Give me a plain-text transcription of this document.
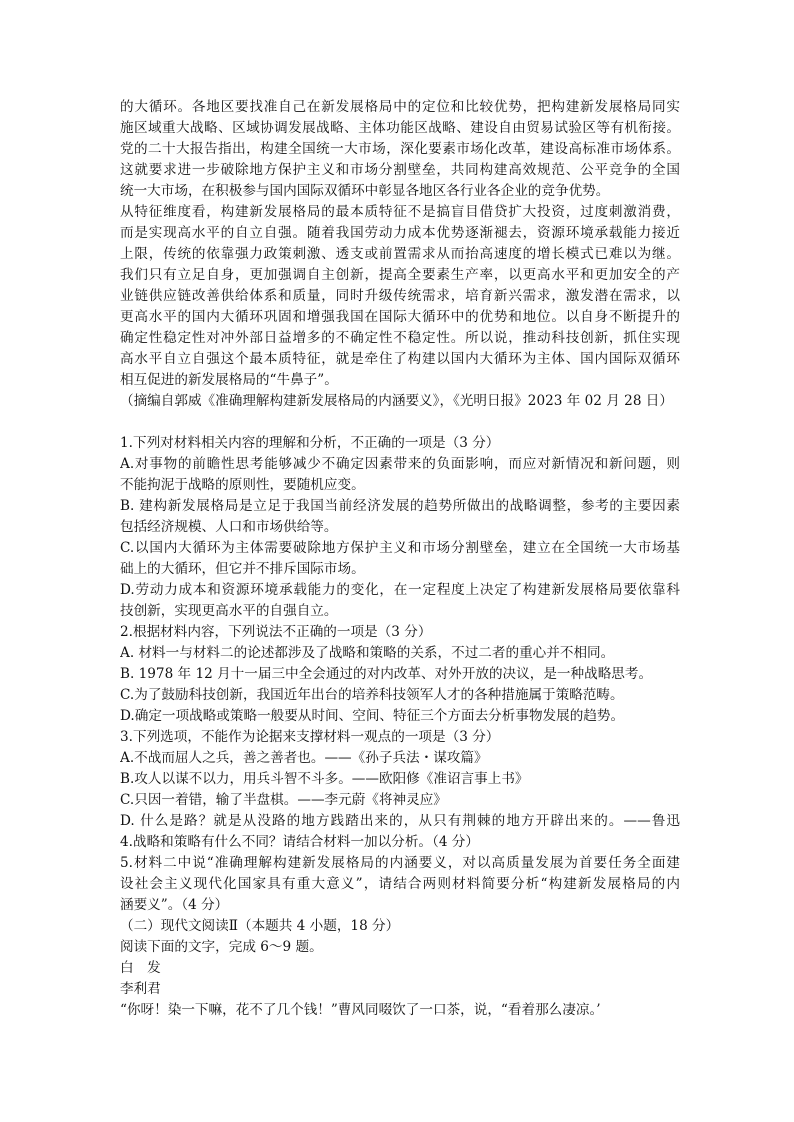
的大循环。各地区要找准自己在新发展格局中的定位和比较优势，把构建新发展格局同实
施区域重大战略、区域协调发展战略、主体功能区战略、建设自由贸易试验区等有机衔接。
党的二十大报告指出，构建全国统一大市场，深化要素市场化改革，建设高标准市场体系。
这就要求进一步破除地方保护主义和市场分割壁垒，共同构建高效规范、公平竞争的全国
统一大市场，在积极参与国内国际双循环中彰显各地区各行业各企业的竞争优势。
从特征维度看，构建新发展格局的最本质特征不是搞盲目借贷扩大投资，过度刺激消费，
而是实现高水平的自立自强。随着我国劳动力成本优势逐渐褪去，资源环境承载能力接近
上限，传统的依靠强力政策刺激、透支或前置需求从而抬高速度的增长模式已难以为继。
我们只有立足自身，更加强调自主创新，提高全要素生产率，以更高水平和更加安全的产
业链供应链改善供给体系和质量，同时升级传统需求，培育新兴需求，激发潜在需求，以
更高水平的国内大循环巩固和增强我国在国际大循环中的优势和地位。以自身不断提升的
确定性稳定性对冲外部日益增多的不确定性不稳定性。所以说，推动科技创新，抓住实现
高水平自立自强这个最本质特征，就是牵住了构建以国内大循环为主体、国内国际双循环
相互促进的新发展格局的“牛鼻子”。
（摘编自郭威《准确理解构建新发展格局的内涵要义》，《光明日报》2023 年 02 月 28 日）
1.下列对材料相关内容的理解和分析，不正确的一项是（3 分）
A.对事物的前瞻性思考能够减少不确定因素带来的负面影响，而应对新情况和新问题，则
不能拘泥于战略的原则性，要随机应变。
B. 建构新发展格局是立足于我国当前经济发展的趋势所做出的战略调整，参考的主要因素
包括经济规模、人口和市场供给等。
C.以国内大循环为主体需要破除地方保护主义和市场分割壁垒，建立在全国统一大市场基
础上的大循环，但它并不排斥国际市场。
D.劳动力成本和资源环境承载能力的变化，在一定程度上决定了构建新发展格局要依靠科
技创新，实现更高水平的自强自立。
2.根据材料内容，下列说法不正确的一项是（3 分）
A. 材料一与材料二的论述都涉及了战略和策略的关系，不过二者的重心并不相同。
B. 1978 年 12 月十一届三中全会通过的对内改革、对外开放的决议，是一种战略思考。
C.为了鼓励科技创新，我国近年出台的培养科技领军人才的各种措施属于策略范畴。
D.确定一项战略或策略一般要从时间、空间、特征三个方面去分析事物发展的趋势。
3.下列选项，不能作为论据来支撑材料一观点的一项是（3 分）
A.不战而屈人之兵，善之善者也。——《孙子兵法・谋攻篇》
B.攻人以谋不以力，用兵斗智不斗多。——欧阳修《准诏言事上书》
C.只因一着错，输了半盘棋。——李元蔚《将神灵应》
D. 什么是路？就是从没路的地方践踏出来的，从只有荆棘的地方开辟出来的。——鲁迅
4.战略和策略有什么不同？请结合材料一加以分析。（4 分）
5.材料二中说“准确理解构建新发展格局的内涵要义，对以高质量发展为首要任务全面建
设社会主义现代化国家具有重大意义”，请结合两则材料简要分析“构建新发展格局的内
涵要义”。（4 分）
（二）现代文阅读Ⅱ（本题共 4 小题，18 分）
阅读下面的文字，完成 6～9 题。
白　发
李利君
“你呀！染一下嘛，花不了几个钱！”曹风同啜饮了一口茶，说，“看着那么凄凉。’
